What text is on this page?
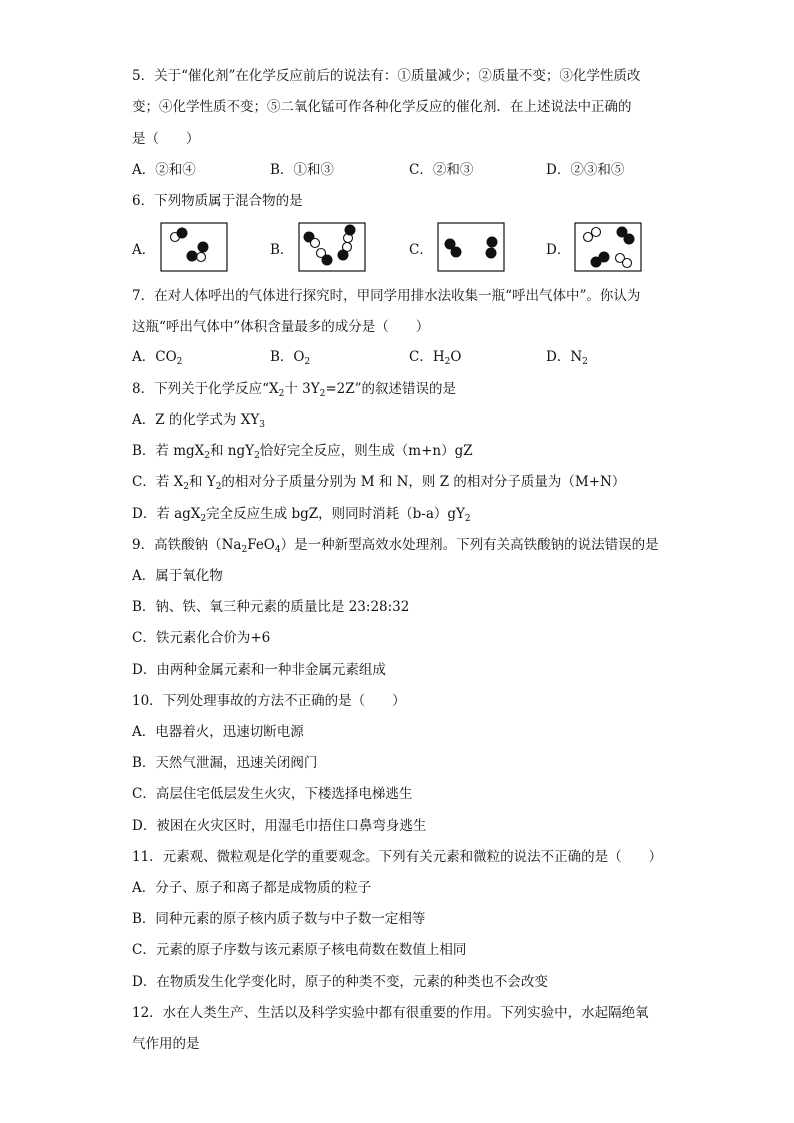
5．关于“催化剂”在化学反应前后的说法有：①质量减少；②质量不变；③化学性质改
变；④化学性质不变；⑤二氧化锰可作各种化学反应的催化剂．在上述说法中正确的
是（　　）
A．②和④	B．①和③	C．②和③	D．②③和⑤
6．下列物质属于混合物的是
A．	B．	C．	D．
7．在对人体呼出的气体进行探究时，甲同学用排水法收集一瓶“呼出气体中”。你认为
这瓶“呼出气体中”体积含量最多的成分是（　　）
A．$CO_2$	B．$O_2$	C．$H_2O$	D．$N_2$
8．下列关于化学反应“$X_2$十 $3Y_2=2Z$”的叙述错误的是
A．Z 的化学式为 $XY_3$
B．若 mgX$_2$和 ngY$_2$恰好完全反应，则生成（m+n）gZ
C．若 $X_2$和 $Y_2$的相对分子质量分别为 M 和 N，则 Z 的相对分子质量为（M+N）
D．若 agX$_2$完全反应生成 bgZ，则同时消耗$(b-a)gY_2$
9．高铁酸钠$(Na_2FeO_4)$是一种新型高效水处理剂。下列有关高铁酸钠的说法错误的是
A．属于氧化物
B．钠、铁、氧三种元素的质量比是 23:28:32
C．铁元素化合价为+6
D．由两种金属元素和一种非金属元素组成
10．下列处理事故的方法不正确的是（　　）
A．电器着火，迅速切断电源
B．天然气泄漏，迅速关闭阀门
C．高层住宅低层发生火灾，下楼选择电梯逃生
D．被困在火灾区时，用湿毛巾捂住口鼻弯身逃生
11．元素观、微粒观是化学的重要观念。下列有关元素和微粒的说法不正确的是（　　）
A．分子、原子和离子都是成物质的粒子
B．同种元素的原子核内质子数与中子数一定相等
C．元素的原子序数与该元素原子核电荷数在数值上相同
D．在物质发生化学变化时，原子的种类不变，元素的种类也不会改变
12．水在人类生产、生活以及科学实验中都有很重要的作用。下列实验中，水起隔绝氧
气作用的是
